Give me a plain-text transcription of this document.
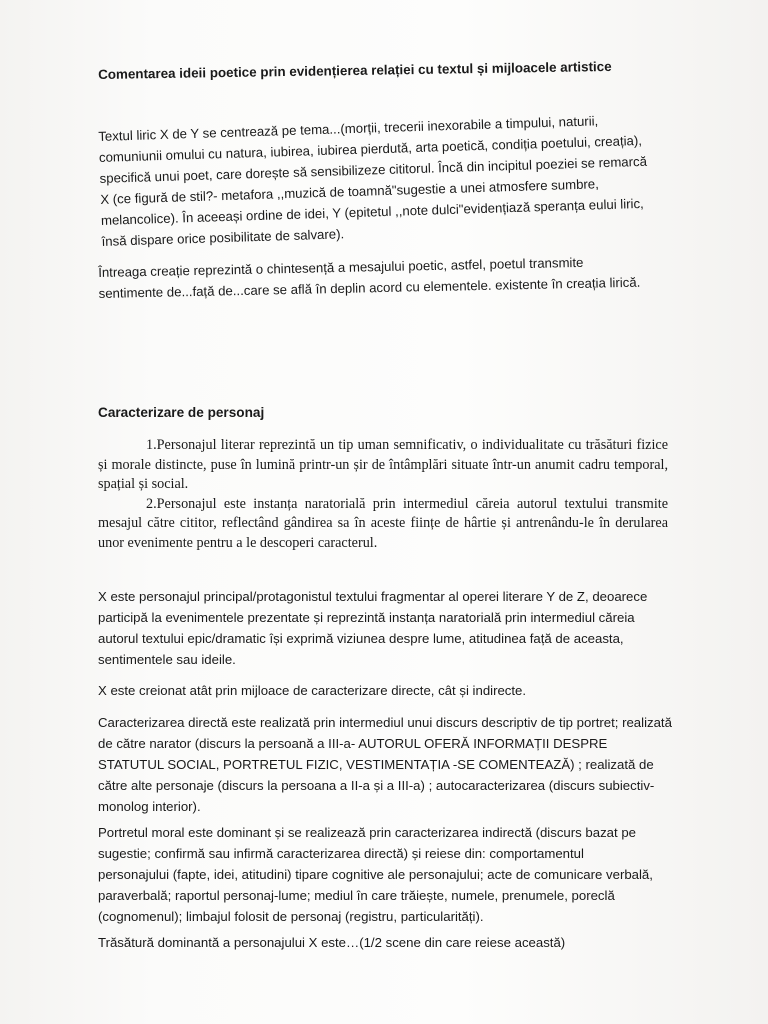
Comentarea ideii poetice prin evidențierea relației cu textul și mijloacele artistice

Textul liric X de Y se centrează pe tema...(morții, trecerii inexorabile a timpului, naturii, comuniunii omului cu natura, iubirea, iubirea pierdută, arta poetică, condiția poetului, creația), specifică unui poet, care dorește să sensibilizeze cititorul. Încă din incipitul poeziei se remarcă X (ce figură de stil?- metafora ,,muzică de toamnă"sugestie a unei atmosfere sumbre, melancolice). În aceeași ordine de idei, Y (epitetul ,,note dulci"evidențiază speranța eului liric, însă dispare orice posibilitate de salvare).

Întreaga creație reprezintă o chintesență a mesajului poetic, astfel, poetul transmite sentimente de...față de...care se află în deplin acord cu elementele. existente în creația lirică.

Caracterizare de personaj

1.Personajul literar reprezintă un tip uman semnificativ, o individualitate cu trăsături fizice și morale distincte, puse în lumină printr-un șir de întâmplări situate într-un anumit cadru temporal, spațial și social.

2.Personajul este instanța naratorială prin intermediul căreia autorul textului transmite mesajul către cititor, reflectând gândirea sa în aceste ființe de hârtie și antrenându-le în derularea unor evenimente pentru a le descoperi caracterul.

X este personajul principal/protagonistul textului fragmentar al operei literare Y de Z, deoarece participă la evenimentele prezentate și reprezintă instanța naratorială prin intermediul căreia autorul textului epic/dramatic își exprimă viziunea despre lume, atitudinea față de aceasta, sentimentele sau ideile.

X este creionat atât prin mijloace de caracterizare directe, cât și indirecte.

Caracterizarea directă este realizată prin intermediul unui discurs descriptiv de tip portret; realizată de către narator (discurs la persoană a III-a- AUTORUL OFERĂ INFORMAȚII DESPRE STATUTUL SOCIAL, PORTRETUL FIZIC, VESTIMENTAȚIA -SE COMENTEAZĂ) ; realizată de către alte personaje (discurs la persoana a II-a și a III-a) ; autocaracterizarea (discurs subiectiv-monolog interior).

Portretul moral este dominant și se realizează prin caracterizarea indirectă (discurs bazat pe sugestie; confirmă sau infirmă caracterizarea directă) și reiese din: comportamentul personajului (fapte, idei, atitudini) tipare cognitive ale personajului; acte de comunicare verbală, paraverbală; raportul personaj-lume; mediul în care trăiește, numele, prenumele, poreclă (cognomenul); limbajul folosit de personaj (registru, particularități).

Trăsătură dominantă a personajului X este…(1/2 scene din care reiese această)
